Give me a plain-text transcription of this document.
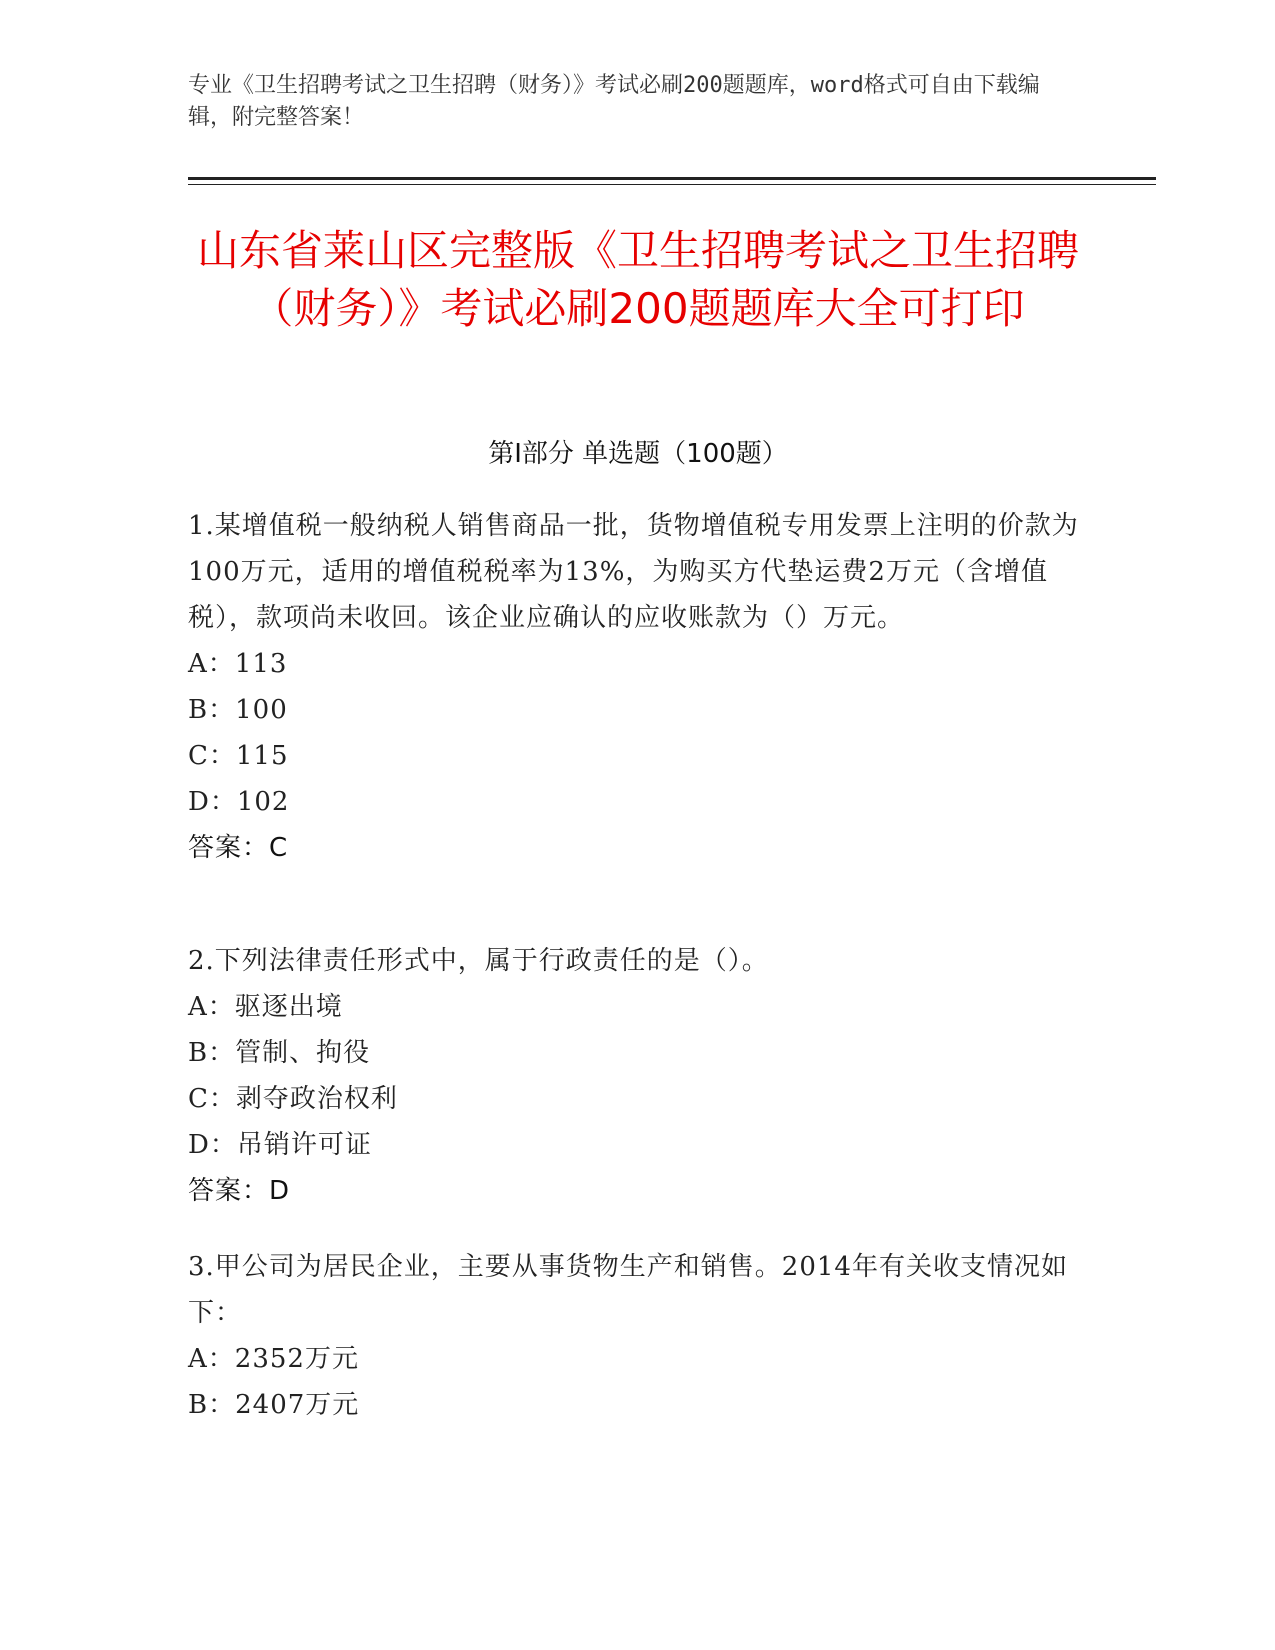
专业《卫生招聘考试之卫生招聘（财务）》考试必刷200题题库，word格式可自由下载编辑，附完整答案！
山东省莱山区完整版《卫生招聘考试之卫生招聘（财务）》考试必刷200题题库大全可打印
第I部分 单选题（100题）
1.某增值税一般纳税人销售商品一批，货物增值税专用发票上注明的价款为100万元，适用的增值税税率为13%，为购买方代垫运费2万元（含增值税），款项尚未收回。该企业应确认的应收账款为（）万元。
A：113
B：100
C：115
D：102
答案：C
2.下列法律责任形式中，属于行政责任的是（）。
A：驱逐出境
B：管制、拘役
C：剥夺政治权利
D：吊销许可证
答案：D
3.甲公司为居民企业，主要从事货物生产和销售。2014年有关收支情况如下：
A：2352万元
B：2407万元
